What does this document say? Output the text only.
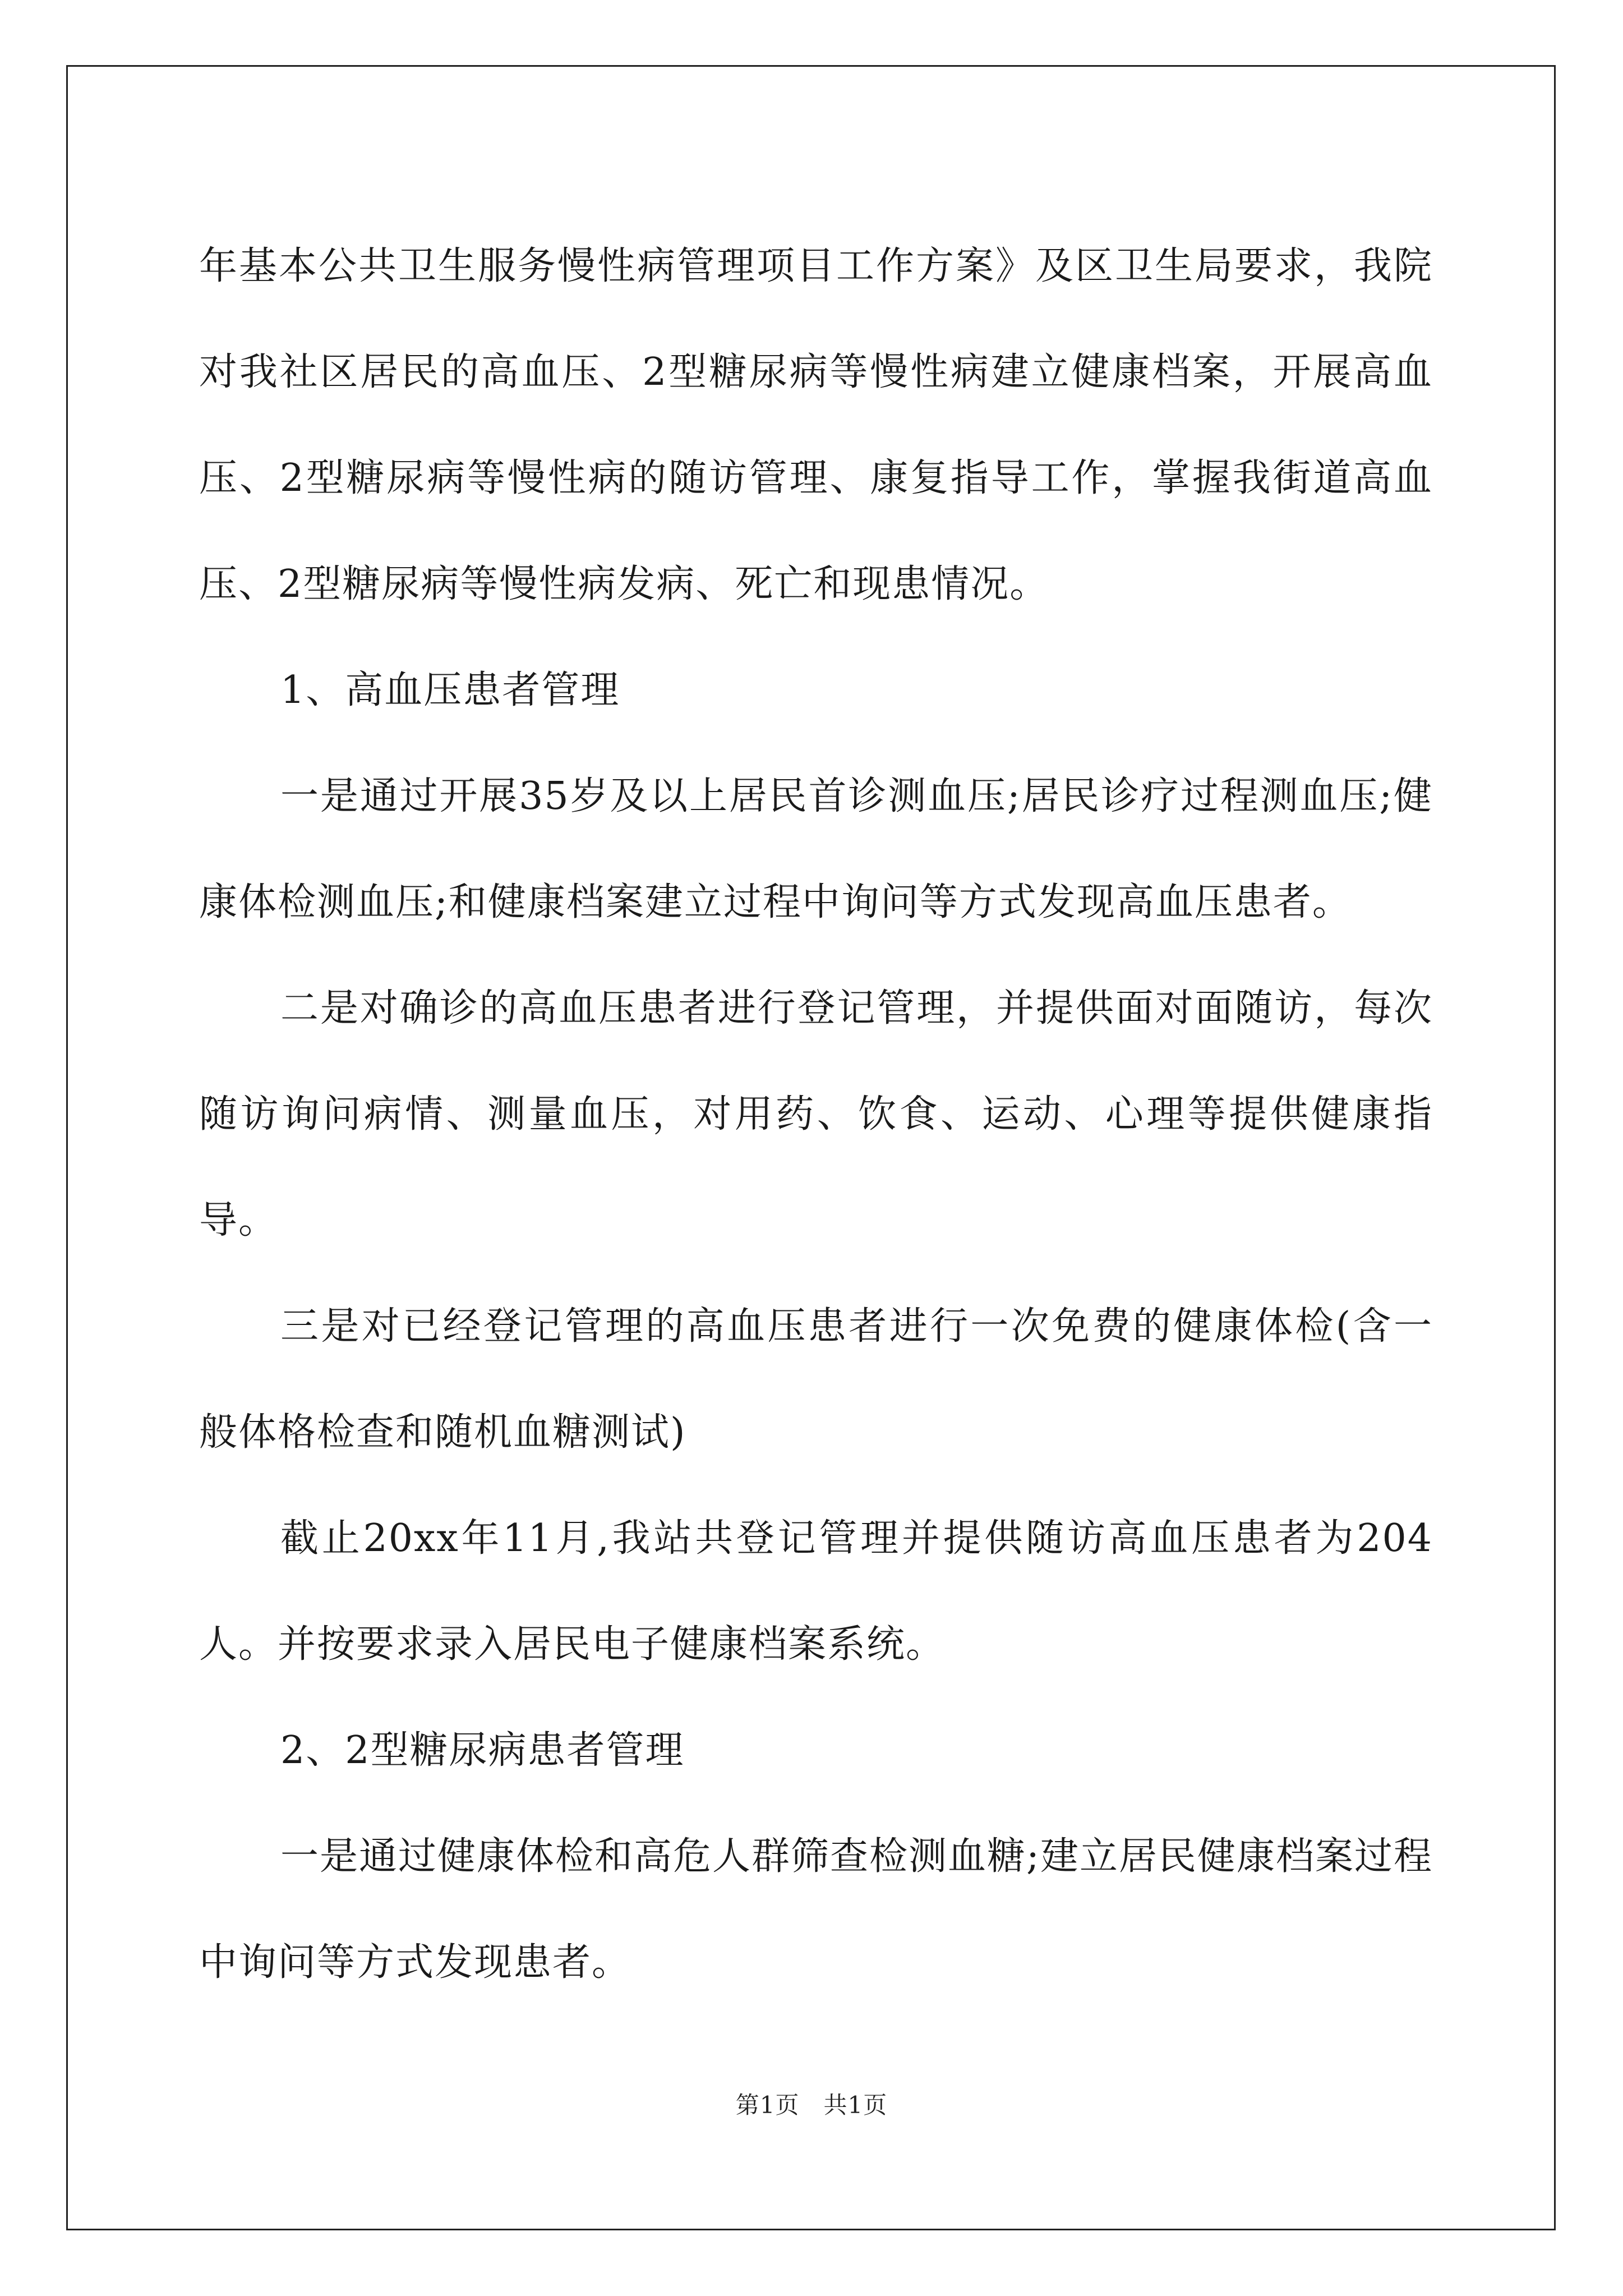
年基本公共卫生服务慢性病管理项目工作方案》及区卫生局要求，我院对我社区居民的高血压、2型糖尿病等慢性病建立健康档案，开展高血压、2型糖尿病等慢性病的随访管理、康复指导工作，掌握我街道高血压、2型糖尿病等慢性病发病、死亡和现患情况。

1、高血压患者管理

一是通过开展35岁及以上居民首诊测血压;居民诊疗过程测血压;健康体检测血压;和健康档案建立过程中询问等方式发现高血压患者。

二是对确诊的高血压患者进行登记管理，并提供面对面随访，每次随访询问病情、测量血压，对用药、饮食、运动、心理等提供健康指导。

三是对已经登记管理的高血压患者进行一次免费的健康体检(含一般体格检查和随机血糖测试)

截止20xx年11月,我站共登记管理并提供随访高血压患者为204人。并按要求录入居民电子健康档案系统。

2、2型糖尿病患者管理

一是通过健康体检和高危人群筛查检测血糖;建立居民健康档案过程中询问等方式发现患者。

第1页 共1页
